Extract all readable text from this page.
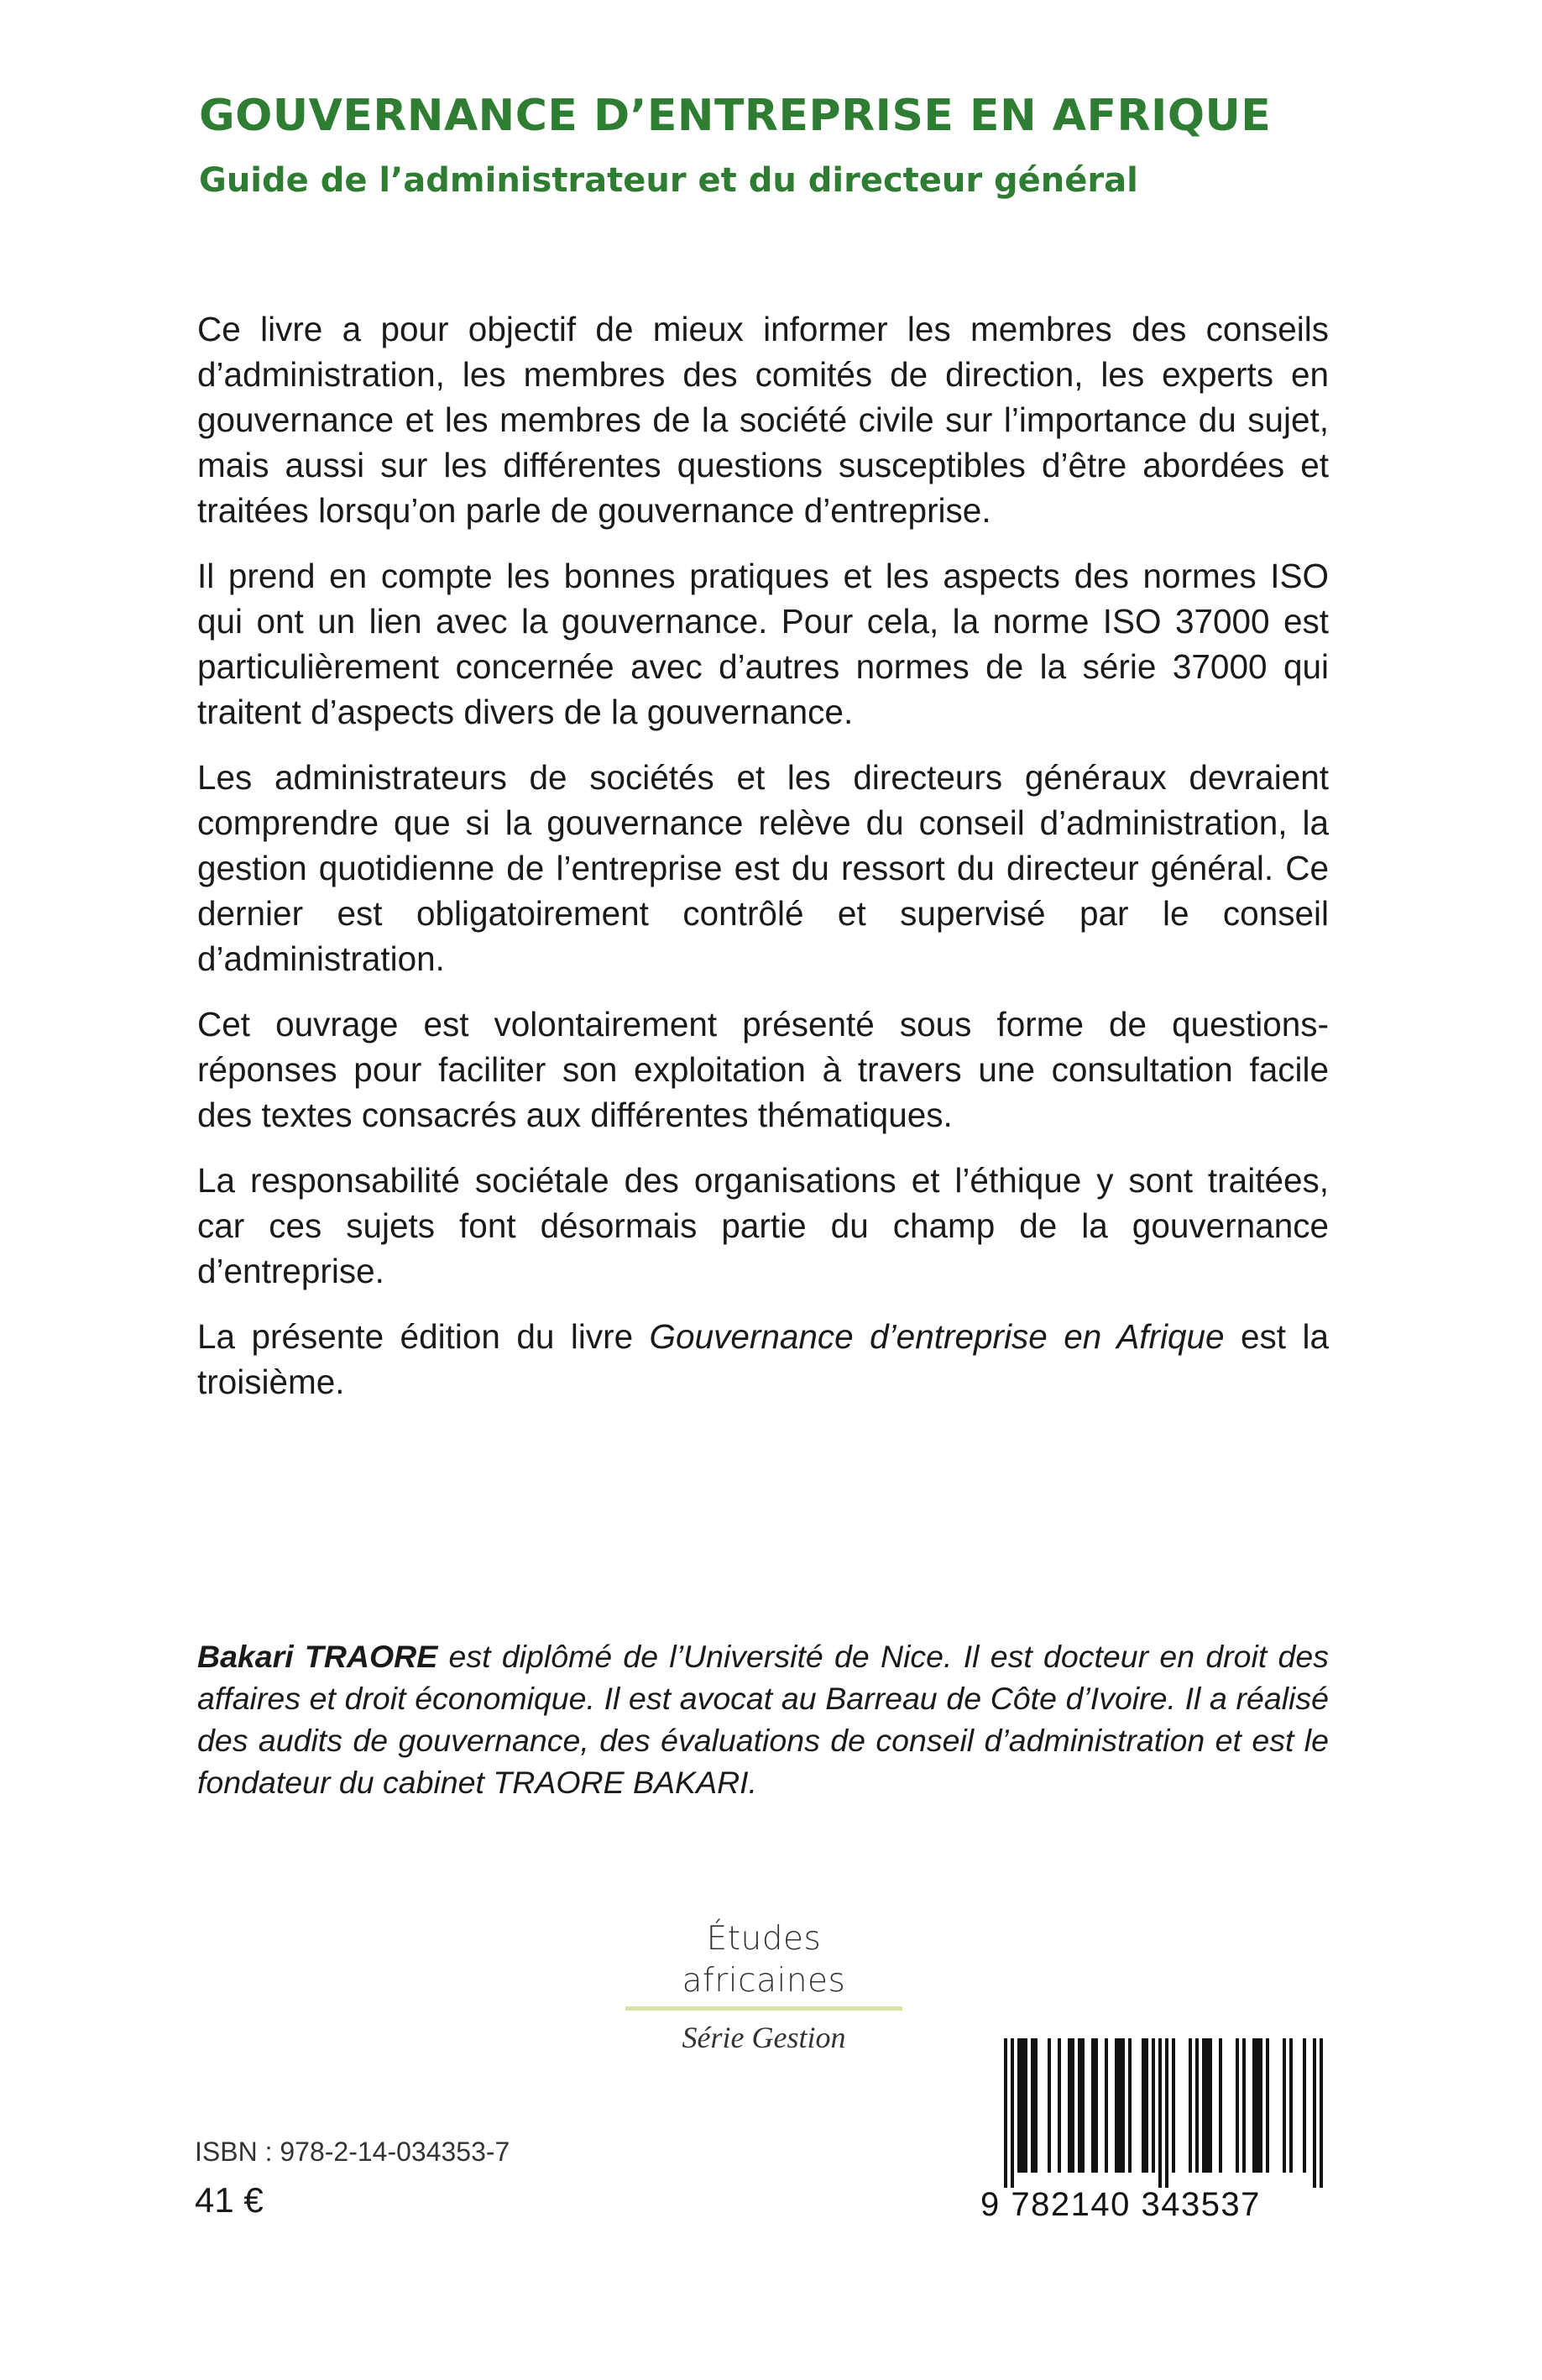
GOUVERNANCE D’ENTREPRISE EN AFRIQUE
Guide de l’administrateur et du directeur général

Ce livre a pour objectif de mieux informer les membres des conseils d’administration, les membres des comités de direction, les experts en gouvernance et les membres de la société civile sur l’importance du sujet, mais aussi sur les différentes questions susceptibles d’être abordées et traitées lorsqu’on parle de gouvernance d’entreprise.

Il prend en compte les bonnes pratiques et les aspects des normes ISO qui ont un lien avec la gouvernance. Pour cela, la norme ISO 37000 est particulièrement concernée avec d’autres normes de la série 37000 qui traitent d’aspects divers de la gouvernance.

Les administrateurs de sociétés et les directeurs généraux devraient comprendre que si la gouvernance relève du conseil d’administration, la gestion quotidienne de l’entreprise est du ressort du directeur général. Ce dernier est obligatoirement contrôlé et supervisé par le conseil d’administration.

Cet ouvrage est volontairement présenté sous forme de questions-réponses pour faciliter son exploitation à travers une consultation facile des textes consacrés aux différentes thématiques.

La responsabilité sociétale des organisations et l’éthique y sont traitées, car ces sujets font désormais partie du champ de la gouvernance d’entreprise.

La présente édition du livre Gouvernance d’entreprise en Afrique est la troisième.

Bakari TRAORE est diplômé de l’Université de Nice. Il est docteur en droit des affaires et droit économique. Il est avocat au Barreau de Côte d’Ivoire. Il a réalisé des audits de gouvernance, des évaluations de conseil d’administration et est le fondateur du cabinet TRAORE BAKARI.

Études africaines
Série Gestion

ISBN : 978-2-14-034353-7

41 €	9 782140 343537
